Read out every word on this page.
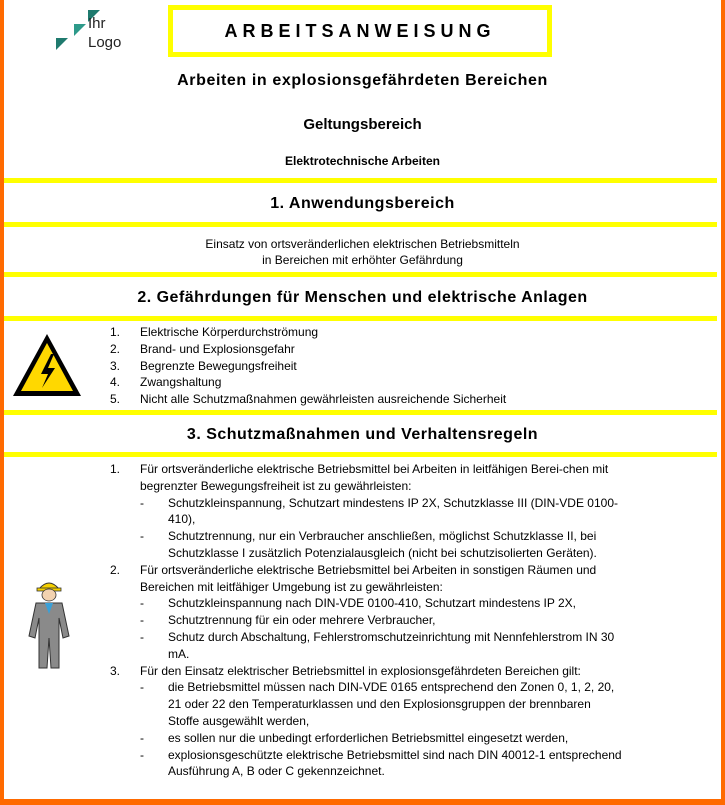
Ihr
Logo
ARBEITSANWEISUNG
Arbeiten in explosionsgefährdeten Bereichen
Geltungsbereich
Elektrotechnische Arbeiten
1. Anwendungsbereich
Einsatz von ortsveränderlichen elektrischen Betriebsmitteln
in Bereichen mit erhöhter Gefährdung
2. Gefährdungen für Menschen und elektrische Anlagen
1. Elektrische Körperdurchströmung
2. Brand- und Explosionsgefahr
3. Begrenzte Bewegungsfreiheit
4. Zwangshaltung
5. Nicht alle Schutzmaßnahmen gewährleisten ausreichende Sicherheit
3. Schutzmaßnahmen und Verhaltensregeln
1. Für ortsveränderliche elektrische Betriebsmittel bei Arbeiten in leitfähigen Berei-chen mit begrenzter Bewegungsfreiheit ist zu gewährleisten:
- Schutzkleinspannung, Schutzart mindestens IP 2X, Schutzklasse III (DIN-VDE 0100-410),
- Schutztrennung, nur ein Verbraucher anschließen, möglichst Schutzklasse II, bei Schutzklasse I zusätzlich Potenzialausgleich (nicht bei schutzisolierten Geräten).
2. Für ortsveränderliche elektrische Betriebsmittel bei Arbeiten in sonstigen Räumen und Bereichen mit leitfähiger Umgebung ist zu gewährleisten:
- Schutzkleinspannung nach DIN-VDE 0100-410, Schutzart mindestens IP 2X,
- Schutztrennung für ein oder mehrere Verbraucher,
- Schutz durch Abschaltung, Fehlerstromschutzeinrichtung mit Nennfehlerstrom IN 30 mA.
3. Für den Einsatz elektrischer Betriebsmittel in explosionsgefährdeten Bereichen gilt:
- die Betriebsmittel müssen nach DIN-VDE 0165 entsprechend den Zonen 0, 1, 2, 20, 21 oder 22 den Temperaturklassen und den Explosionsgruppen der brennbaren Stoffe ausgewählt werden,
- es sollen nur die unbedingt erforderlichen Betriebsmittel eingesetzt werden,
- explosionsgeschützte elektrische Betriebsmittel sind nach DIN 40012-1 entsprechend Ausführung A, B oder C gekennzeichnet.
